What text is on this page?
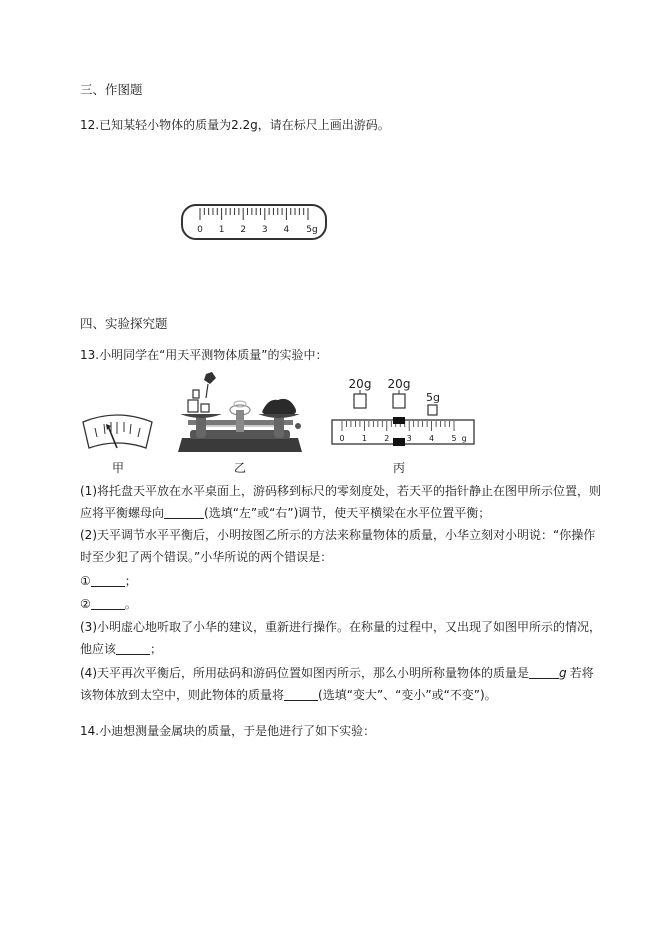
三、作图题
12.已知某轻小物体的质量为2.2g，请在标尺上画出游码。
0 1 2 3 4 5g
四、实验探究题
13.小明同学在“用天平测物体质量”的实验中：
甲	乙
20g 20g
5g
0 1 2 3 4 5 g
丙
(1)将托盘天平放在水平桌面上，游码移到标尺的零刻度处，若天平的指针静止在图甲所示位置，则
应将平衡螺母向	(选填“左”或“右”)调节，使天平横梁在水平位置平衡；
(2)天平调节水平平衡后，小明按图乙所示的方法来称量物体的质量，小华立刻对小明说：“你操作
时至少犯了两个错误。”小华所说的两个错误是：
①	；
②	。
(3)小明虚心地听取了小华的建议，重新进行操作。在称量的过程中，又出现了如图甲所示的情况，
他应该	；
(4)天平再次平衡后，所用砝码和游码位置如图丙所示，那么小明所称量物体的质量是	g 若将
该物体放到太空中，则此物体的质量将	(选填“变大”、“变小”或“不变”)。
14.小迪想测量金属块的质量，于是他进行了如下实验：
